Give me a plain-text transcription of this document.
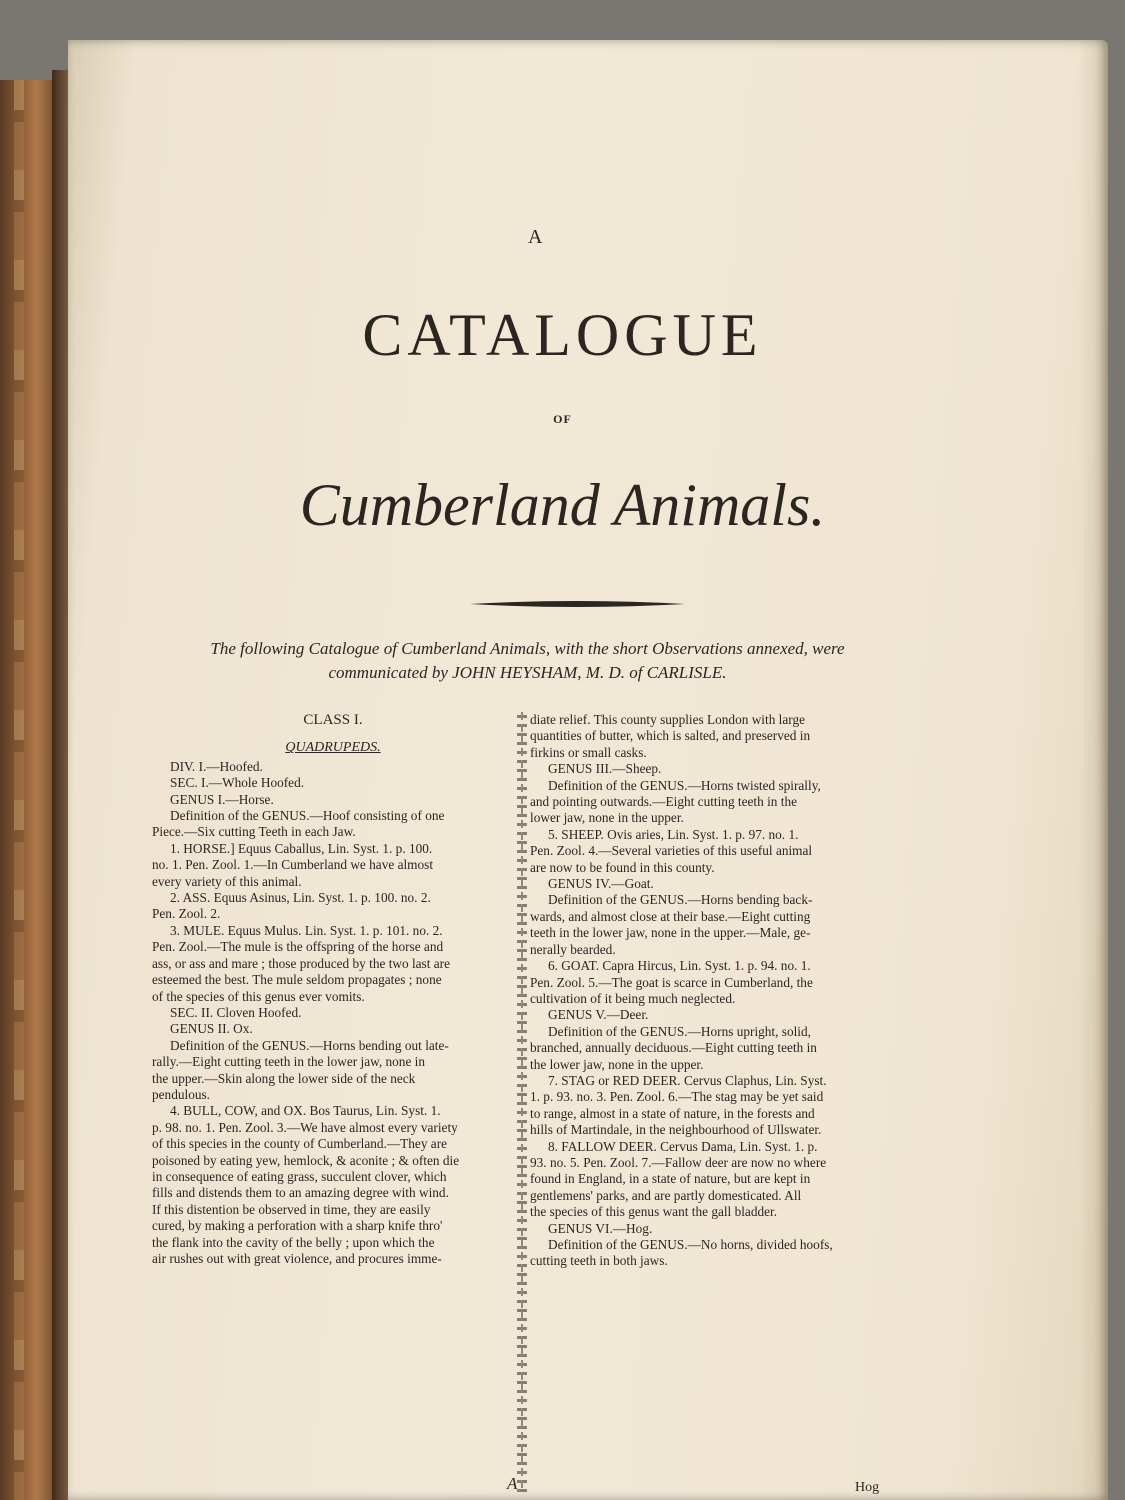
A
CATALOGUE
OF
Cumberland Animals.
The following Catalogue of Cumberland Animals, with the short Observations annexed, were
communicated by JOHN HEYSHAM, M. D. of CARLISLE.
CLASS I.
QUADRUPEDS.

DIV. I.—Hoofed.

SEC. I.—Whole Hoofed.

GENUS I.—Horse.

Definition of the GENUS.—Hoof consisting of one

Piece.—Six cutting Teeth in each Jaw.

1. HORSE.] Equus Caballus, Lin. Syst. 1. p. 100.

no. 1. Pen. Zool. 1.—In Cumberland we have almost

every variety of this animal.

2. ASS. Equus Asinus, Lin. Syst. 1. p. 100. no. 2.

Pen. Zool. 2.

3. MULE. Equus Mulus. Lin. Syst. 1. p. 101. no. 2.

Pen. Zool.—The mule is the offspring of the horse and

ass, or ass and mare ; those produced by the two last are

esteemed the best. The mule seldom propagates ; none

of the species of this genus ever vomits.

SEC. II. Cloven Hoofed.

GENUS II. Ox.

Definition of the GENUS.—Horns bending out late-

rally.—Eight cutting teeth in the lower jaw, none in

the upper.—Skin along the lower side of the neck

pendulous.

4. BULL, COW, and OX. Bos Taurus, Lin. Syst. 1.

p. 98. no. 1. Pen. Zool. 3.—We have almost every variety

of this species in the county of Cumberland.—They are

poisoned by eating yew, hemlock, & aconite ; & often die

in consequence of eating grass, succulent clover, which

fills and distends them to an amazing degree with wind.

If this distention be observed in time, they are easily

cured, by making a perforation with a sharp knife thro'

the flank into the cavity of the belly ; upon which the

air rushes out with great violence, and procures imme-

diate relief. This county supplies London with large

quantities of butter, which is salted, and preserved in

firkins or small casks.

GENUS III.—Sheep.

Definition of the GENUS.—Horns twisted spirally,

and pointing outwards.—Eight cutting teeth in the

lower jaw, none in the upper.

5. SHEEP. Ovis aries, Lin. Syst. 1. p. 97. no. 1.

Pen. Zool. 4.—Several varieties of this useful animal

are now to be found in this county.

GENUS IV.—Goat.

Definition of the GENUS.—Horns bending back-

wards, and almost close at their base.—Eight cutting

teeth in the lower jaw, none in the upper.—Male, ge-

nerally bearded.

6. GOAT. Capra Hircus, Lin. Syst. 1. p. 94. no. 1.

Pen. Zool. 5.—The goat is scarce in Cumberland, the

cultivation of it being much neglected.

GENUS V.—Deer.

Definition of the GENUS.—Horns upright, solid,

branched, annually deciduous.—Eight cutting teeth in

the lower jaw, none in the upper.

7. STAG or RED DEER. Cervus Claphus, Lin. Syst.

1. p. 93. no. 3. Pen. Zool. 6.—The stag may be yet said

to range, almost in a state of nature, in the forests and

hills of Martindale, in the neighbourhood of Ullswater.

8. FALLOW DEER. Cervus Dama, Lin. Syst. 1. p.

93. no. 5. Pen. Zool. 7.—Fallow deer are now no where

found in England, in a state of nature, but are kept in

gentlemens' parks, and are partly domesticated. All

the species of this genus want the gall bladder.

GENUS VI.—Hog.

Definition of the GENUS.—No horns, divided hoofs,

cutting teeth in both jaws.

A	Hog
